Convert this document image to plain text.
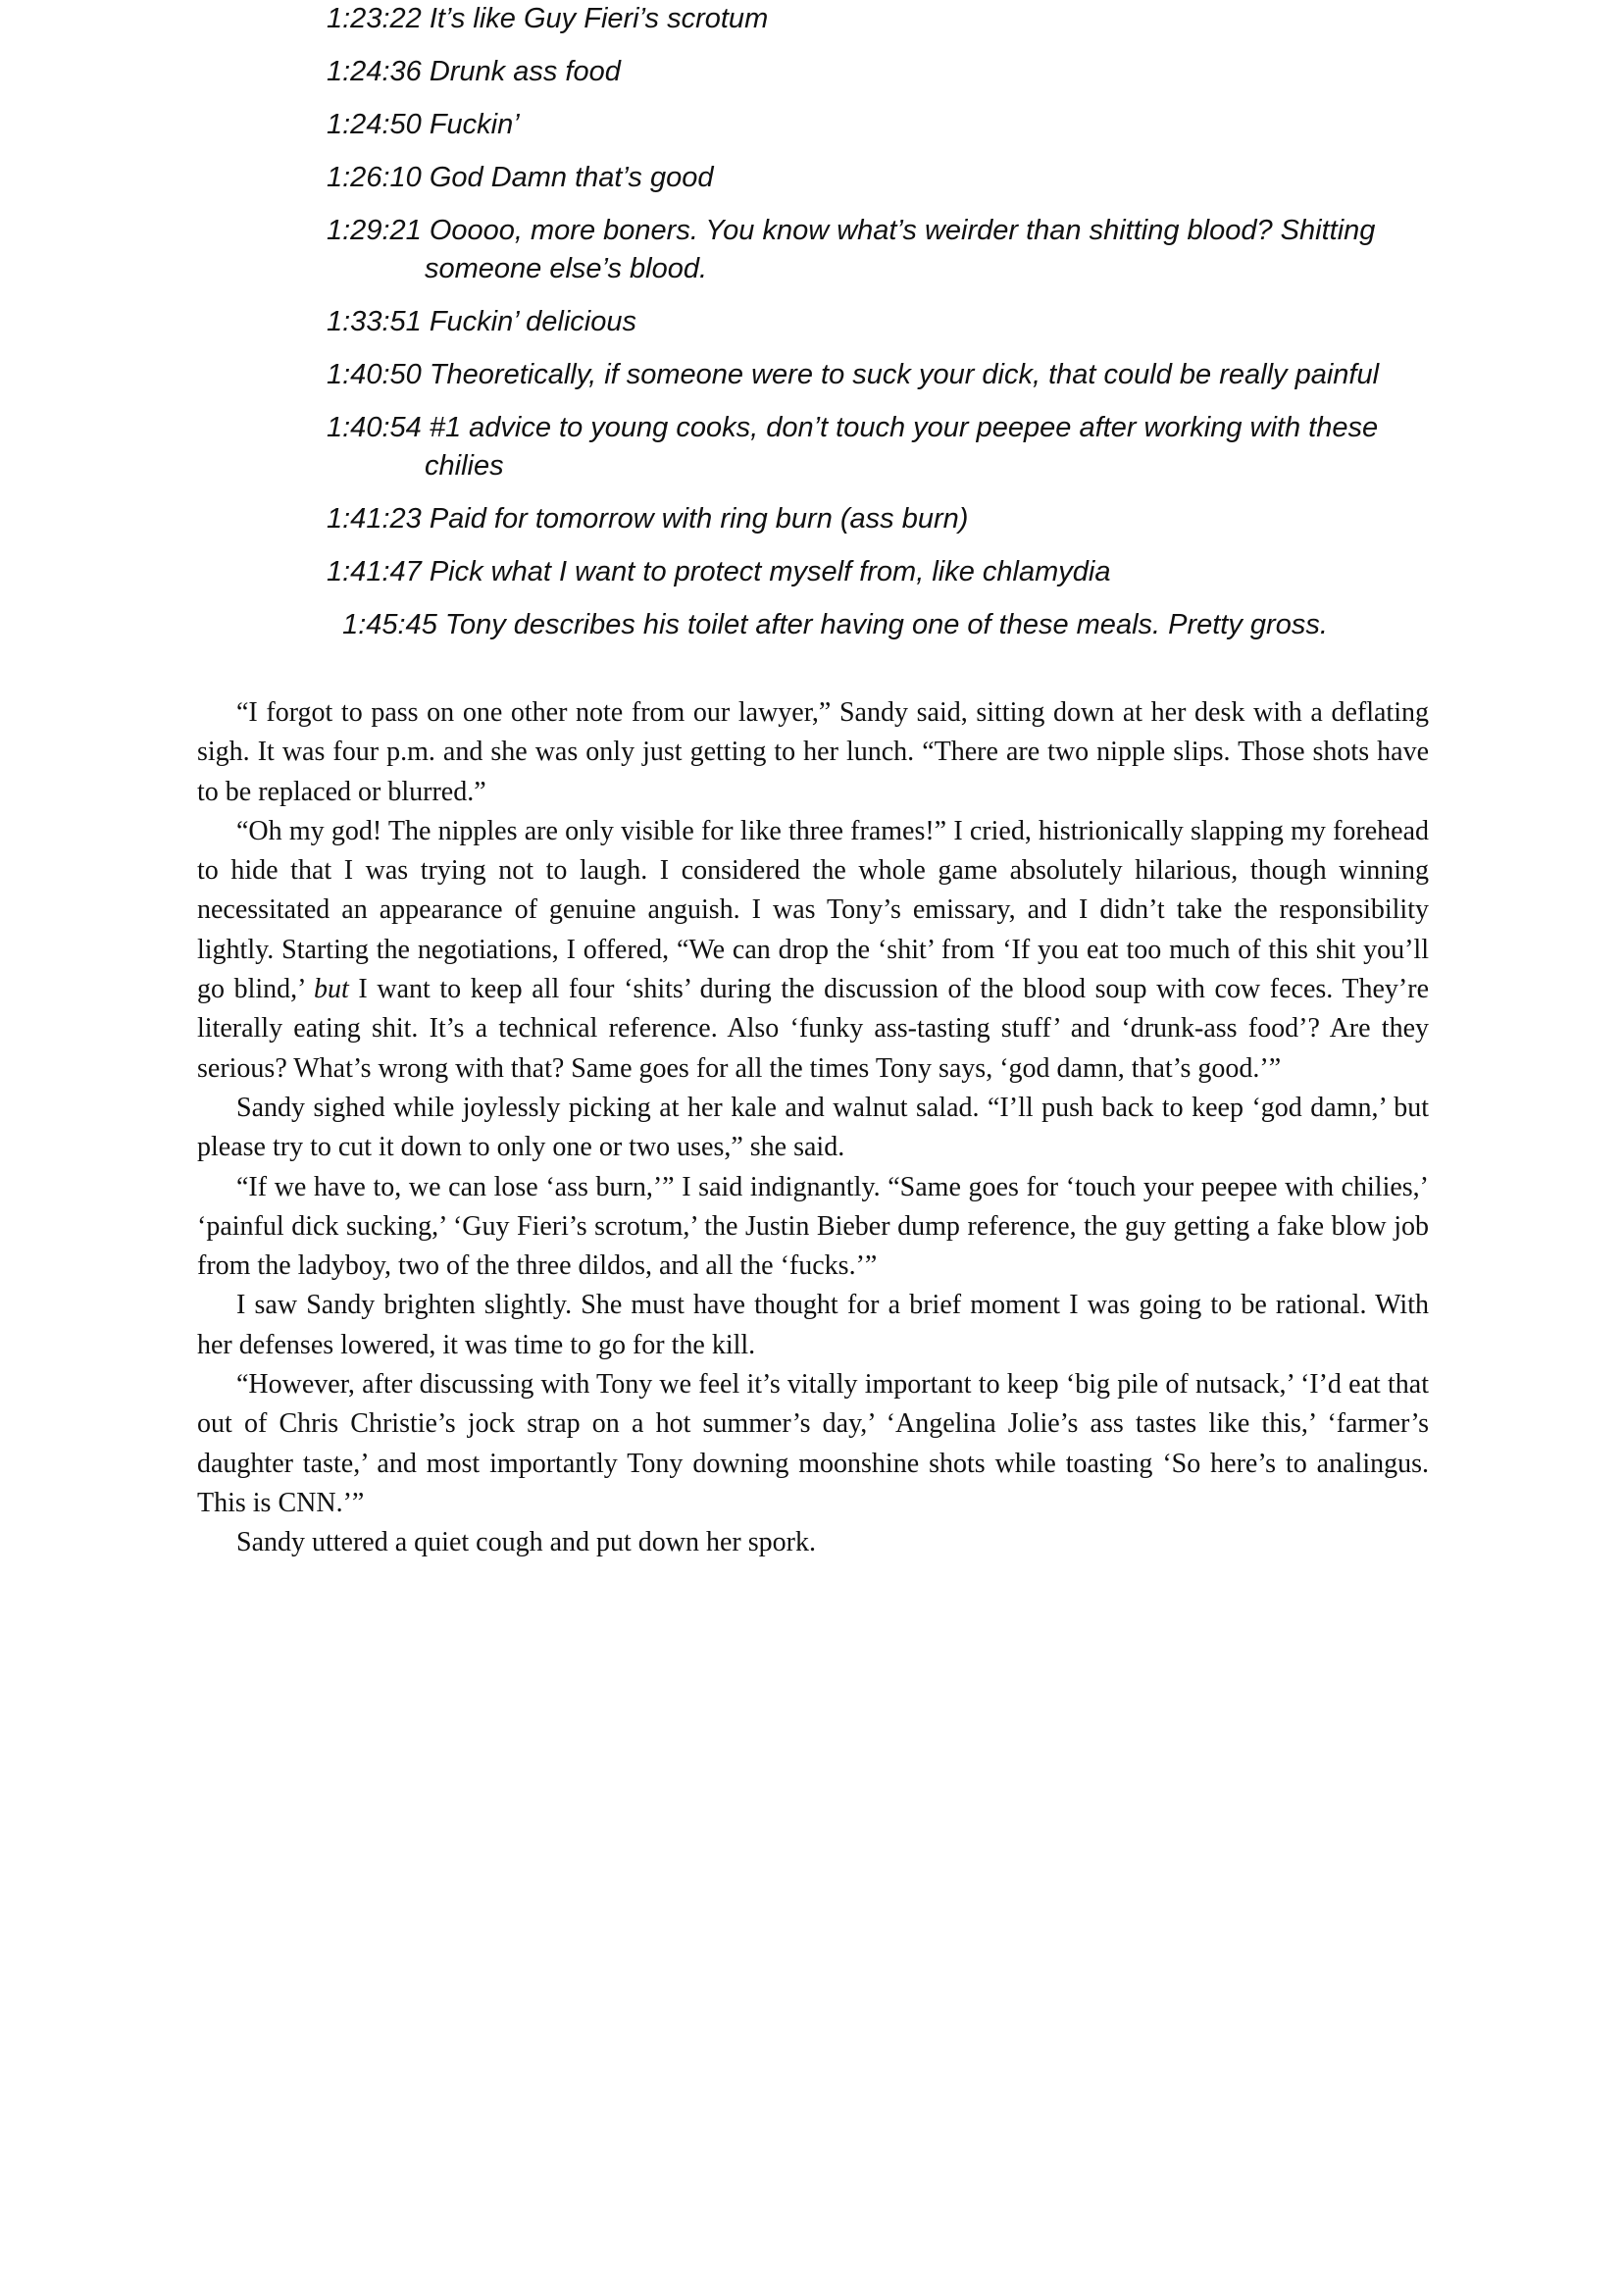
1:23:22 It’s like Guy Fieri’s scrotum

1:24:36 Drunk ass food

1:24:50 Fuckin’

1:26:10 God Damn that’s good

1:29:21 Ooooo, more boners. You know what’s weirder than shitting blood? Shitting someone else’s blood.

1:33:51 Fuckin’ delicious

1:40:50 Theoretically, if someone were to suck your dick, that could be really painful

1:40:54 #1 advice to young cooks, don’t touch your peepee after working with these chilies

1:41:23 Paid for tomorrow with ring burn (ass burn)

1:41:47 Pick what I want to protect myself from, like chlamydia

1:45:45 Tony describes his toilet after having one of these meals. Pretty gross.

“I forgot to pass on one other note from our lawyer,” Sandy said, sitting down at her desk with a deflating sigh. It was four p.m. and she was only just getting to her lunch. “There are two nipple slips. Those shots have to be replaced or blurred.”

“Oh my god! The nipples are only visible for like three frames!” I cried, histrionically slapping my forehead to hide that I was trying not to laugh. I considered the whole game absolutely hilarious, though winning necessitated an appearance of genuine anguish. I was Tony’s emissary, and I didn’t take the responsibility lightly. Starting the negotiations, I offered, “We can drop the ‘shit’ from ‘If you eat too much of this shit you’ll go blind,’ but I want to keep all four ‘shits’ during the discussion of the blood soup with cow feces. They’re literally eating shit. It’s a technical reference. Also ‘funky ass-tasting stuff’ and ‘drunk-ass food’? Are they serious? What’s wrong with that? Same goes for all the times Tony says, ‘god damn, that’s good.’”

Sandy sighed while joylessly picking at her kale and walnut salad. “I’ll push back to keep ‘god damn,’ but please try to cut it down to only one or two uses,” she said.

“If we have to, we can lose ‘ass burn,’” I said indignantly. “Same goes for ‘touch your peepee with chilies,’ ‘painful dick sucking,’ ‘Guy Fieri’s scrotum,’ the Justin Bieber dump reference, the guy getting a fake blow job from the ladyboy, two of the three dildos, and all the ‘fucks.’”

I saw Sandy brighten slightly. She must have thought for a brief moment I was going to be rational. With her defenses lowered, it was time to go for the kill.

“However, after discussing with Tony we feel it’s vitally important to keep ‘big pile of nutsack,’ ‘I’d eat that out of Chris Christie’s jock strap on a hot summer’s day,’ ‘Angelina Jolie’s ass tastes like this,’ ‘farmer’s daughter taste,’ and most importantly Tony downing moonshine shots while toasting ‘So here’s to analingus. This is CNN.’”

Sandy uttered a quiet cough and put down her spork.
